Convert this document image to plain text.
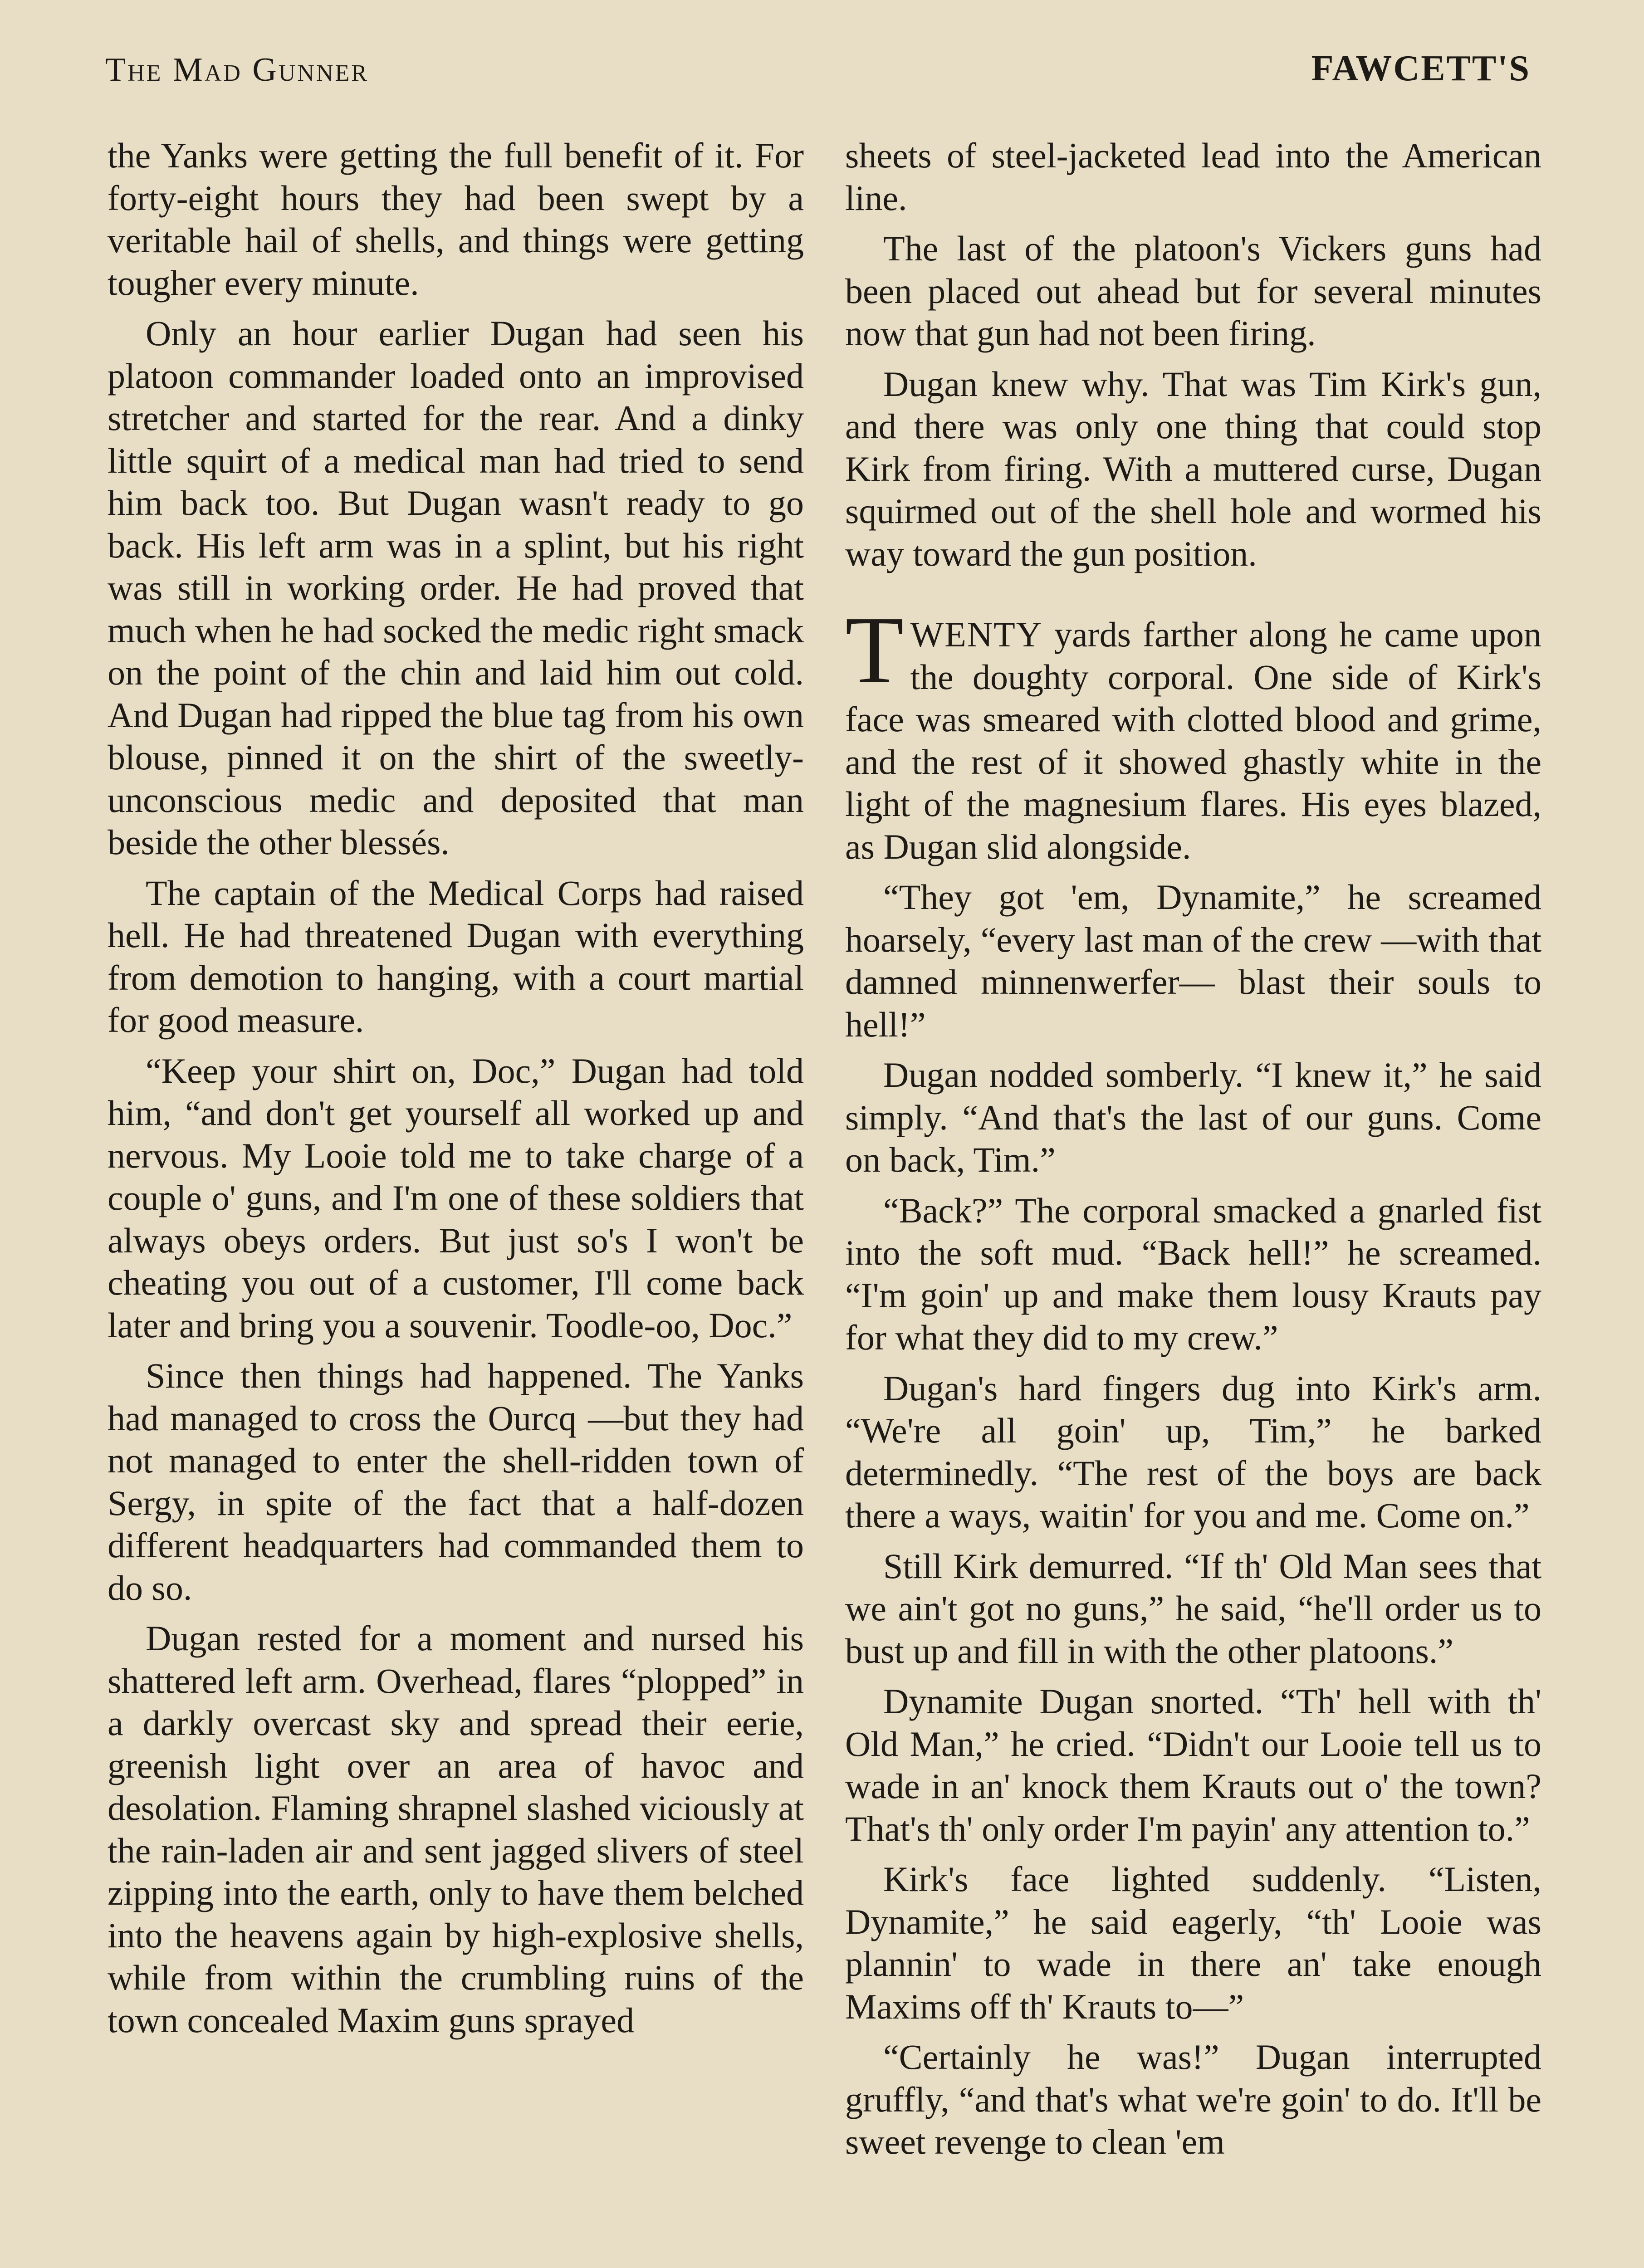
The Mad Gunner	FAWCETT'S

the Yanks were getting the full benefit of it. For forty-eight hours they had been swept by a veritable hail of shells, and things were getting tougher every minute.

Only an hour earlier Dugan had seen his platoon commander loaded onto an improvised stretcher and started for the rear. And a dinky little squirt of a medical man had tried to send him back too. But Dugan wasn't ready to go back. His left arm was in a splint, but his right was still in working order. He had proved that much when he had socked the medic right smack on the point of the chin and laid him out cold. And Dugan had ripped the blue tag from his own blouse, pinned it on the shirt of the sweetly-unconscious medic and deposited that man beside the other blessés.

The captain of the Medical Corps had raised hell. He had threatened Dugan with everything from demotion to hanging, with a court martial for good measure.

“Keep your shirt on, Doc,” Dugan had told him, “and don't get yourself all worked up and nervous. My Looie told me to take charge of a couple o' guns, and I'm one of these soldiers that always obeys orders. But just so's I won't be cheating you out of a customer, I'll come back later and bring you a souvenir. Toodle-oo, Doc.”

Since then things had happened. The Yanks had managed to cross the Ourcq —but they had not managed to enter the shell-ridden town of Sergy, in spite of the fact that a half-dozen different headquarters had commanded them to do so.

Dugan rested for a moment and nursed his shattered left arm. Overhead, flares “plopped” in a darkly overcast sky and spread their eerie, greenish light over an area of havoc and desolation. Flaming shrapnel slashed viciously at the rain-laden air and sent jagged slivers of steel zipping into the earth, only to have them belched into the heavens again by high-explosive shells, while from within the crumbling ruins of the town concealed Maxim guns sprayed

sheets of steel-jacketed lead into the American line.

The last of the platoon's Vickers guns had been placed out ahead but for several minutes now that gun had not been firing.

Dugan knew why. That was Tim Kirk's gun, and there was only one thing that could stop Kirk from firing. With a muttered curse, Dugan squirmed out of the shell hole and wormed his way toward the gun position.

TWENTY yards farther along he came upon the doughty corporal. One side of Kirk's face was smeared with clotted blood and grime, and the rest of it showed ghastly white in the light of the magnesium flares. His eyes blazed, as Dugan slid alongside.

“They got 'em, Dynamite,” he screamed hoarsely, “every last man of the crew —with that damned minnenwerfer— blast their souls to hell!”

Dugan nodded somberly. “I knew it,” he said simply. “And that's the last of our guns. Come on back, Tim.”

“Back?” The corporal smacked a gnarled fist into the soft mud. “Back hell!” he screamed. “I'm goin' up and make them lousy Krauts pay for what they did to my crew.”

Dugan's hard fingers dug into Kirk's arm. “We're all goin' up, Tim,” he barked determinedly. “The rest of the boys are back there a ways, waitin' for you and me. Come on.”

Still Kirk demurred. “If th' Old Man sees that we ain't got no guns,” he said, “he'll order us to bust up and fill in with the other platoons.”

Dynamite Dugan snorted. “Th' hell with th' Old Man,” he cried. “Didn't our Looie tell us to wade in an' knock them Krauts out o' the town? That's th' only order I'm payin' any attention to.”

Kirk's face lighted suddenly. “Listen, Dynamite,” he said eagerly, “th' Looie was plannin' to wade in there an' take enough Maxims off th' Krauts to—”

“Certainly he was!” Dugan interrupted gruffly, “and that's what we're goin' to do. It'll be sweet revenge to clean 'em
